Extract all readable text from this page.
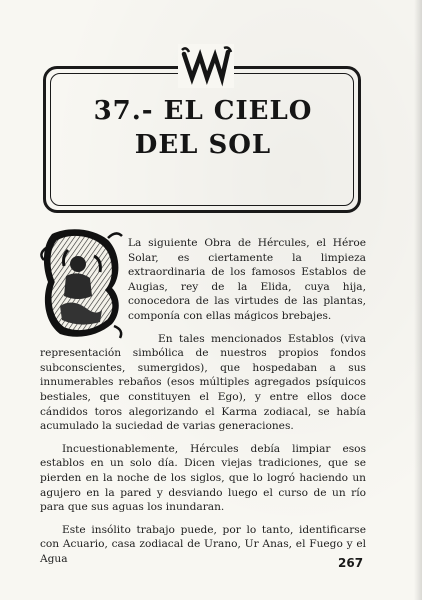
37.- EL CIELO
DEL SOL

La siguiente Obra de Hércules, el Héroe Solar, es ciertamente la limpieza extraordinaria de los famosos Establos de Augias, rey de la Elida, cuya hija, conocedora de las virtudes de las plantas, componía con ellas mágicos brebajes.

En tales mencionados Establos (viva representación simbólica de nuestros propios fondos subconscientes, sumergidos), que hospedaban a sus innumerables rebaños (esos múltiples agregados psíquicos bestiales, que constituyen el Ego), y entre ellos doce cándidos toros alegorizando el Karma zodiacal, se había acumulado la suciedad de varias generaciones.

Incuestionablemente, Hércules debía limpiar esos establos en un solo día. Dicen viejas tradiciones, que se pierden en la noche de los siglos, que lo logró haciendo un agujero en la pared y desviando luego el curso de un río para que sus aguas los inundaran.

Este insólito trabajo puede, por lo tanto, identificarse con Acuario, casa zodiacal de Urano, Ur Anas, el Fuego y el Agua	267
